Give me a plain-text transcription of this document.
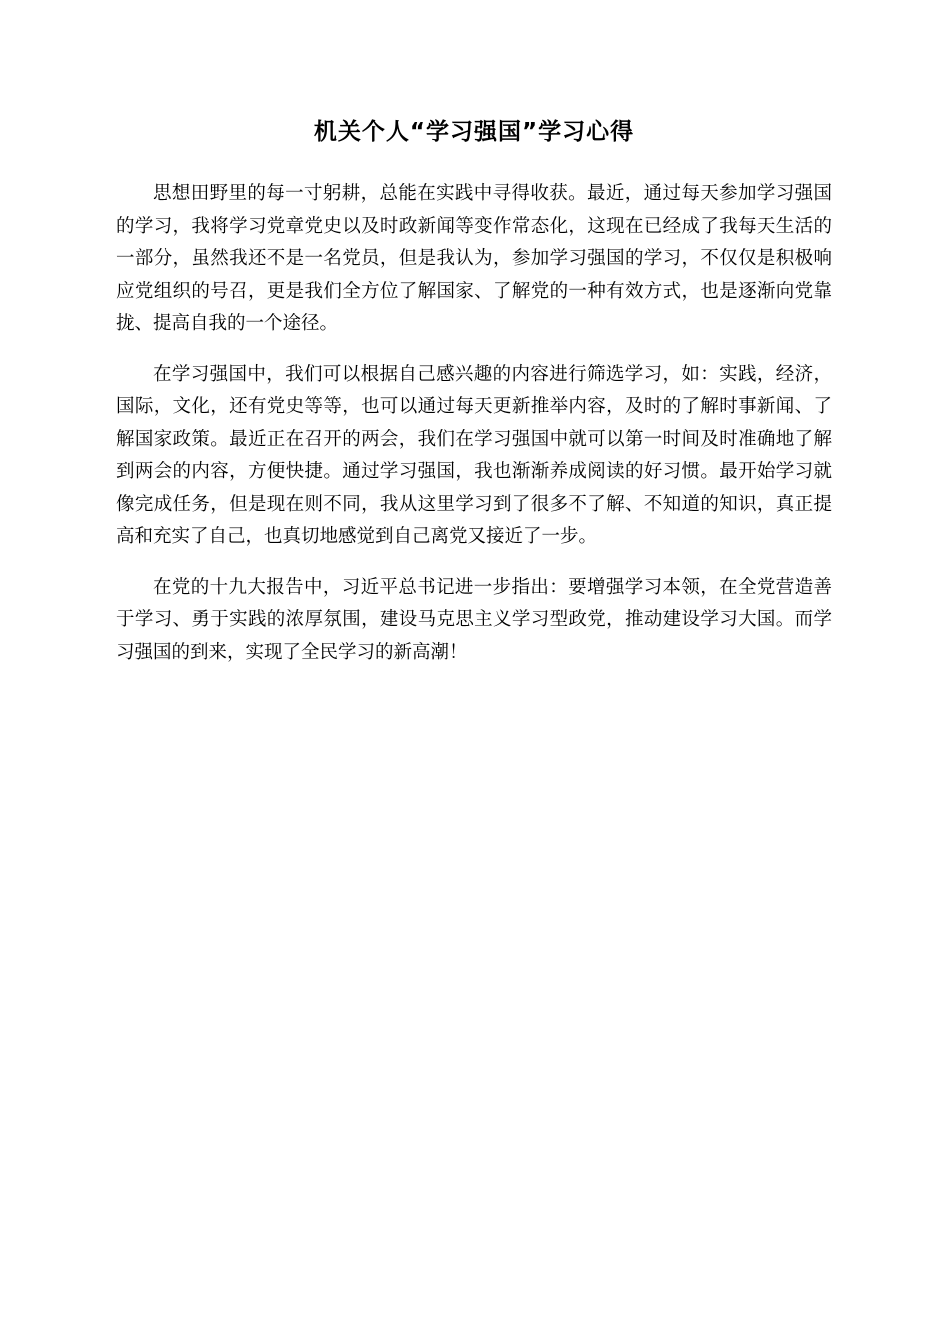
机关个人“学习强国”学习心得

思想田野里的每一寸躬耕，总能在实践中寻得收获。最近，通过每天参加学习强国的学习，我将学习党章党史以及时政新闻等变作常态化，这现在已经成了我每天生活的一部分，虽然我还不是一名党员，但是我认为，参加学习强国的学习，不仅仅是积极响应党组织的号召，更是我们全方位了解国家、了解党的一种有效方式，也是逐渐向党靠拢、提高自我的一个途径。

在学习强国中，我们可以根据自己感兴趣的内容进行筛选学习，如：实践，经济，国际，文化，还有党史等等，也可以通过每天更新推举内容，及时的了解时事新闻、了解国家政策。最近正在召开的两会，我们在学习强国中就可以第一时间及时准确地了解到两会的内容，方便快捷。通过学习强国，我也渐渐养成阅读的好习惯。最开始学习就像完成任务，但是现在则不同，我从这里学习到了很多不了解、不知道的知识，真正提高和充实了自己，也真切地感觉到自己离党又接近了一步。

在党的十九大报告中，习近平总书记进一步指出：要增强学习本领，在全党营造善于学习、勇于实践的浓厚氛围，建设马克思主义学习型政党，推动建设学习大国。而学习强国的到来，实现了全民学习的新高潮！
